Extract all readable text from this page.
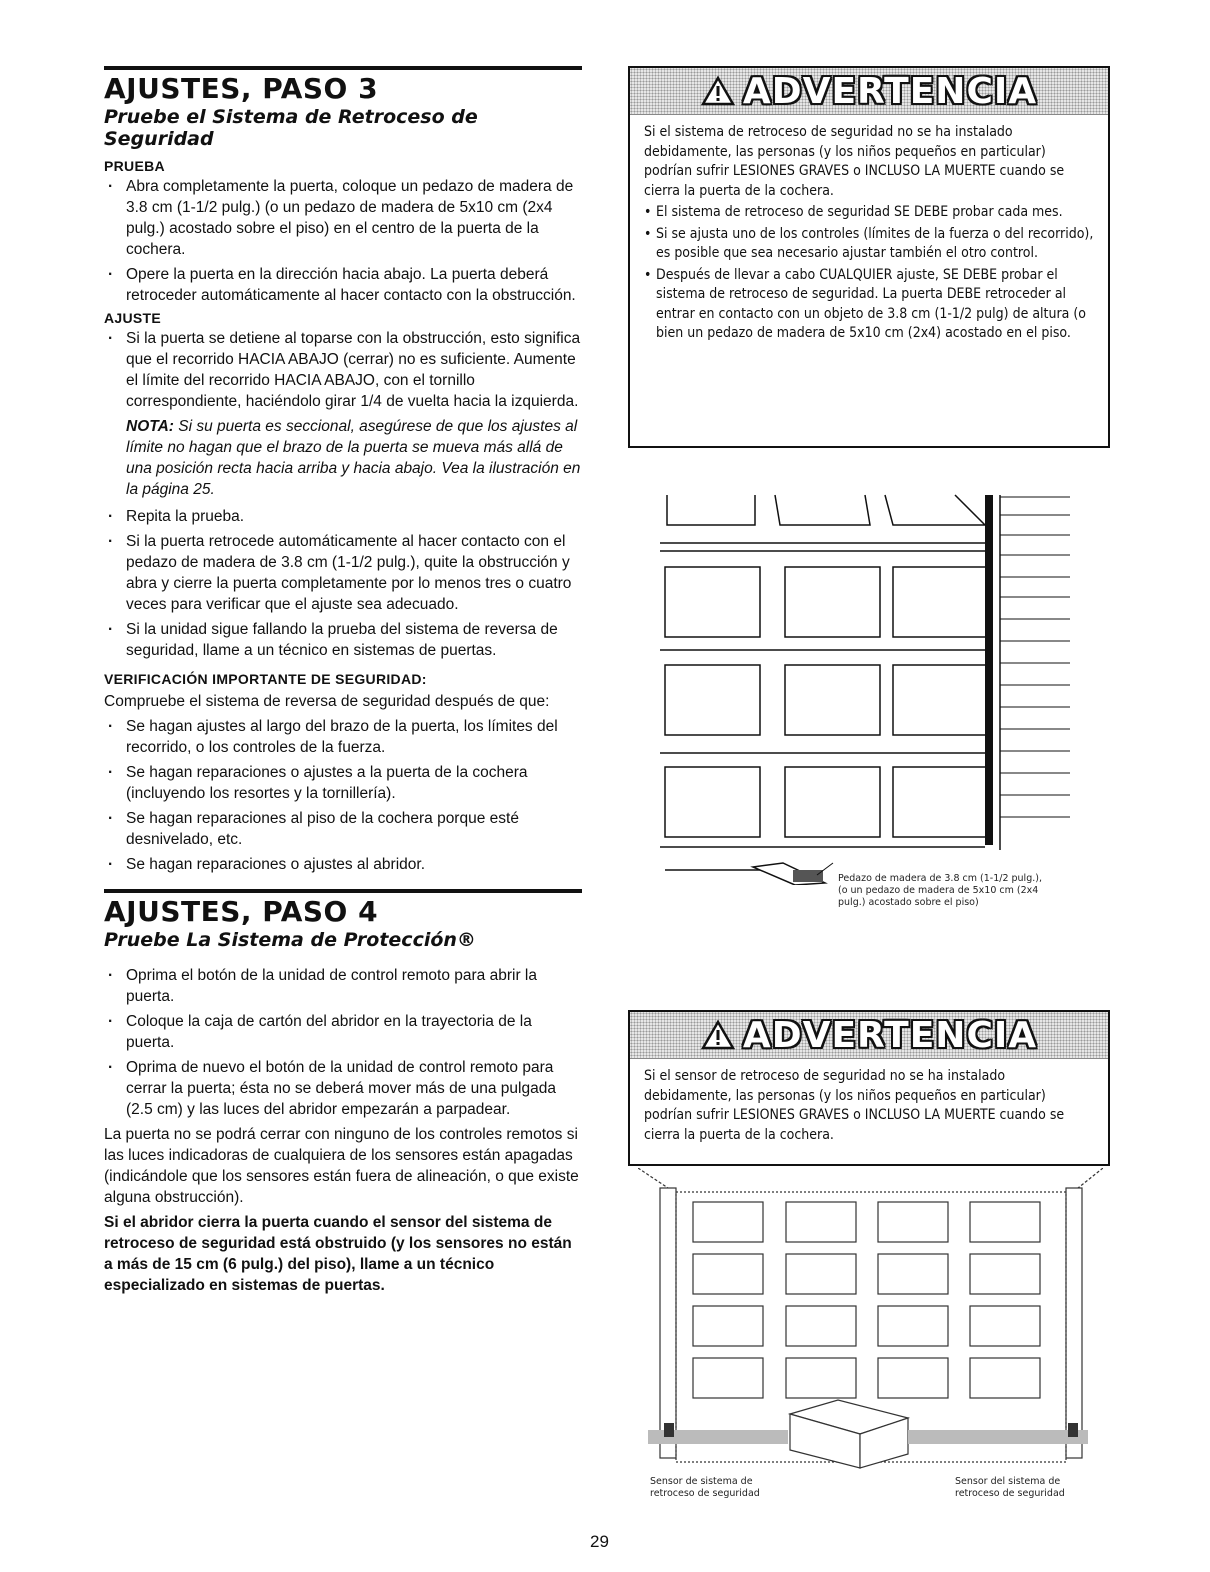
AJUSTES, PASO 3
Pruebe el Sistema de Retroceso de Seguridad
PRUEBA
· Abra completamente la puerta, coloque un pedazo de madera de 3.8 cm (1-1/2 pulg.) (o un pedazo de madera de 5x10 cm (2x4 pulg.) acostado sobre el piso) en el centro de la puerta de la cochera.
· Opere la puerta en la dirección hacia abajo. La puerta deberá retroceder automáticamente al hacer contacto con la obstrucción.
AJUSTE
· Si la puerta se detiene al toparse con la obstrucción, esto significa que el recorrido HACIA ABAJO (cerrar) no es suficiente. Aumente el límite del recorrido HACIA ABAJO, con el tornillo correspondiente, haciéndolo girar 1/4 de vuelta hacia la izquierda.
NOTA: Si su puerta es seccional, asegúrese de que los ajustes al límite no hagan que el brazo de la puerta se mueva más allá de una posición recta hacia arriba y hacia abajo. Vea la ilustración en la página 25.
· Repita la prueba.
· Si la puerta retrocede automáticamente al hacer contacto con el pedazo de madera de 3.8 cm (1-1/2 pulg.), quite la obstrucción y abra y cierre la puerta completamente por lo menos tres o cuatro veces para verificar que el ajuste sea adecuado.
· Si la unidad sigue fallando la prueba del sistema de reversa de seguridad, llame a un técnico en sistemas de puertas.
VERIFICACIÓN IMPORTANTE DE SEGURIDAD:

Compruebe el sistema de reversa de seguridad después de que:

· Se hagan ajustes al largo del brazo de la puerta, los límites del recorrido, o los controles de la fuerza.
· Se hagan reparaciones o ajustes a la puerta de la cochera (incluyendo los resortes y la tornillería).
· Se hagan reparaciones al piso de la cochera porque esté desnivelado, etc.
· Se hagan reparaciones o ajustes al abridor.
AJUSTES, PASO 4
Pruebe La Sistema de Protección®
· Oprima el botón de la unidad de control remoto para abrir la puerta.
· Coloque la caja de cartón del abridor en la trayectoria de la puerta.
· Oprima de nuevo el botón de la unidad de control remoto para cerrar la puerta; ésta no se deberá mover más de una pulgada (2.5 cm) y las luces del abridor empezarán a parpadear.

La puerta no se podrá cerrar con ninguno de los controles remotos si las luces indicadoras de cualquiera de los sensores están apagadas (indicándole que los sensores están fuera de alineación, o que existe alguna obstrucción).

Si el abridor cierra la puerta cuando el sensor del sistema de retroceso de seguridad está obstruido (y los sensores no están a más de 15 cm (6 pulg.) del piso), llame a un técnico especializado en sistemas de puertas.

ADVERTENCIA

Si el sistema de retroceso de seguridad no se ha instalado debidamente, las personas (y los niños pequeños en particular) podrían sufrir LESIONES GRAVES o INCLUSO LA MUERTE cuando se cierra la puerta de la cochera.

• El sistema de retroceso de seguridad SE DEBE probar cada mes.
• Si se ajusta uno de los controles (límites de la fuerza o del recorrido), es posible que sea necesario ajustar también el otro control.
• Después de llevar a cabo CUALQUIER ajuste, SE DEBE probar el sistema de retroceso de seguridad. La puerta DEBE retroceder al entrar en contacto con un objeto de 3.8 cm (1-1/2 pulg) de altura (o bien un pedazo de madera de 5x10 cm (2x4) acostado en el piso.
Pedazo de madera de 3.8 cm (1-1/2 pulg.), (o un pedazo de madera de 5x10 cm (2x4 pulg.) acostado sobre el piso)
ADVERTENCIA

Si el sensor de retroceso de seguridad no se ha instalado debidamente, las personas (y los niños pequeños en particular) podrían sufrir LESIONES GRAVES o INCLUSO LA MUERTE cuando se cierra la puerta de la cochera.

Sensor de sistema de retroceso de seguridad
Sensor del sistema de retroceso de seguridad
29
